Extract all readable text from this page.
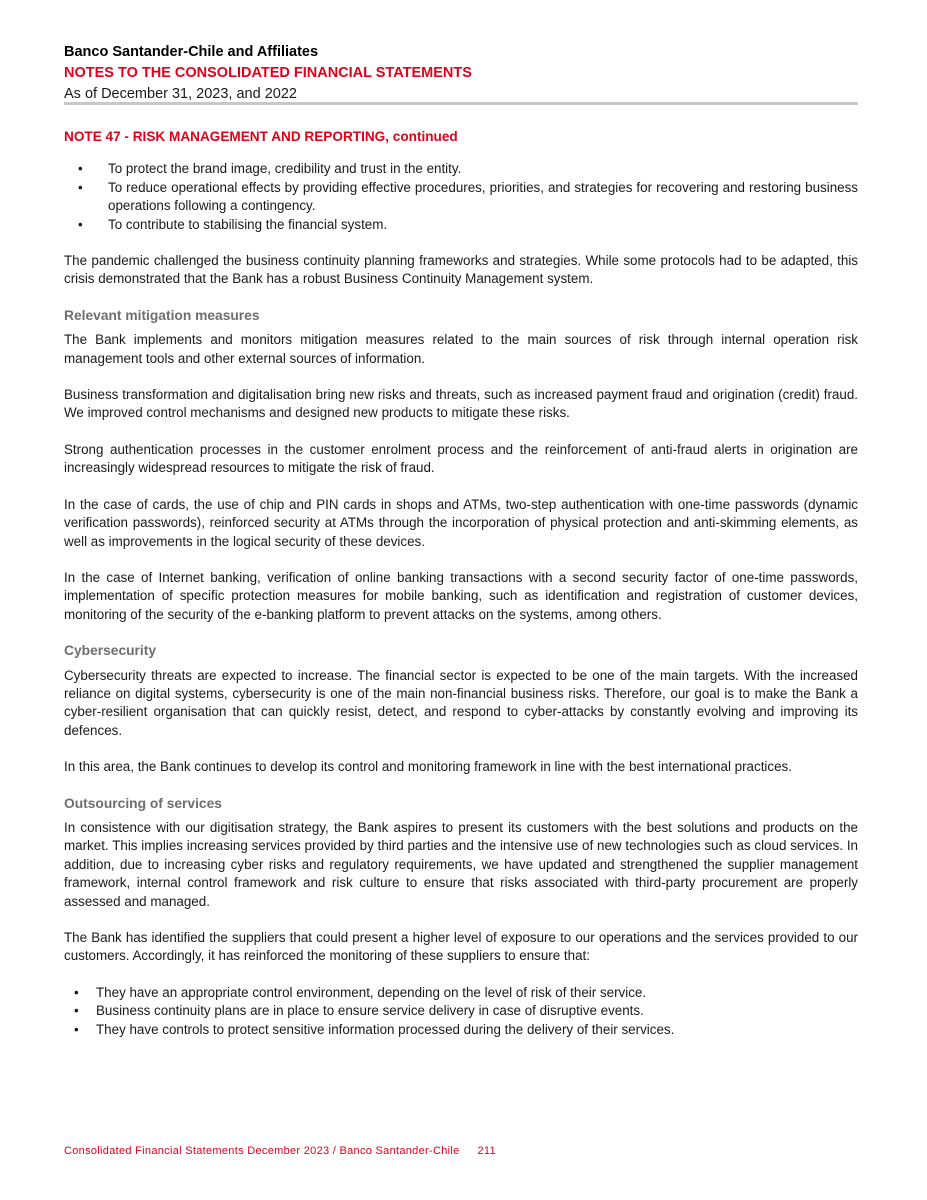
Banco Santander-Chile and Affiliates
NOTES TO THE CONSOLIDATED FINANCIAL STATEMENTS
As of December 31, 2023, and 2022
NOTE 47 - RISK MANAGEMENT AND REPORTING, continued
• To protect the brand image, credibility and trust in the entity.
• To reduce operational effects by providing effective procedures, priorities, and strategies for recovering and restoring business operations following a contingency.
• To contribute to stabilising the financial system.

The pandemic challenged the business continuity planning frameworks and strategies. While some protocols had to be adapted, this crisis demonstrated that the Bank has a robust Business Continuity Management system.

Relevant mitigation measures

The Bank implements and monitors mitigation measures related to the main sources of risk through internal operation risk management tools and other external sources of information.

Business transformation and digitalisation bring new risks and threats, such as increased payment fraud and origination (credit) fraud. We improved control mechanisms and designed new products to mitigate these risks.

Strong authentication processes in the customer enrolment process and the reinforcement of anti-fraud alerts in origination are increasingly widespread resources to mitigate the risk of fraud.

In the case of cards, the use of chip and PIN cards in shops and ATMs, two-step authentication with one-time passwords (dynamic verification passwords), reinforced security at ATMs through the incorporation of physical protection and anti-skimming elements, as well as improvements in the logical security of these devices.

In the case of Internet banking, verification of online banking transactions with a second security factor of one-time passwords, implementation of specific protection measures for mobile banking, such as identification and registration of customer devices, monitoring of the security of the e-banking platform to prevent attacks on the systems, among others.

Cybersecurity

Cybersecurity threats are expected to increase. The financial sector is expected to be one of the main targets. With the increased reliance on digital systems, cybersecurity is one of the main non-financial business risks. Therefore, our goal is to make the Bank a cyber-resilient organisation that can quickly resist, detect, and respond to cyber-attacks by constantly evolving and improving its defences.

In this area, the Bank continues to develop its control and monitoring framework in line with the best international practices.

Outsourcing of services

In consistence with our digitisation strategy, the Bank aspires to present its customers with the best solutions and products on the market. This implies increasing services provided by third parties and the intensive use of new technologies such as cloud services. In addition, due to increasing cyber risks and regulatory requirements, we have updated and strengthened the supplier management framework, internal control framework and risk culture to ensure that risks associated with third-party procurement are properly assessed and managed.

The Bank has identified the suppliers that could present a higher level of exposure to our operations and the services provided to our customers. Accordingly, it has reinforced the monitoring of these suppliers to ensure that:

• They have an appropriate control environment, depending on the level of risk of their service.
• Business continuity plans are in place to ensure service delivery in case of disruptive events.
• They have controls to protect sensitive information processed during the delivery of their services.
Consolidated Financial Statements December 2023 / Banco Santander-Chile 211
